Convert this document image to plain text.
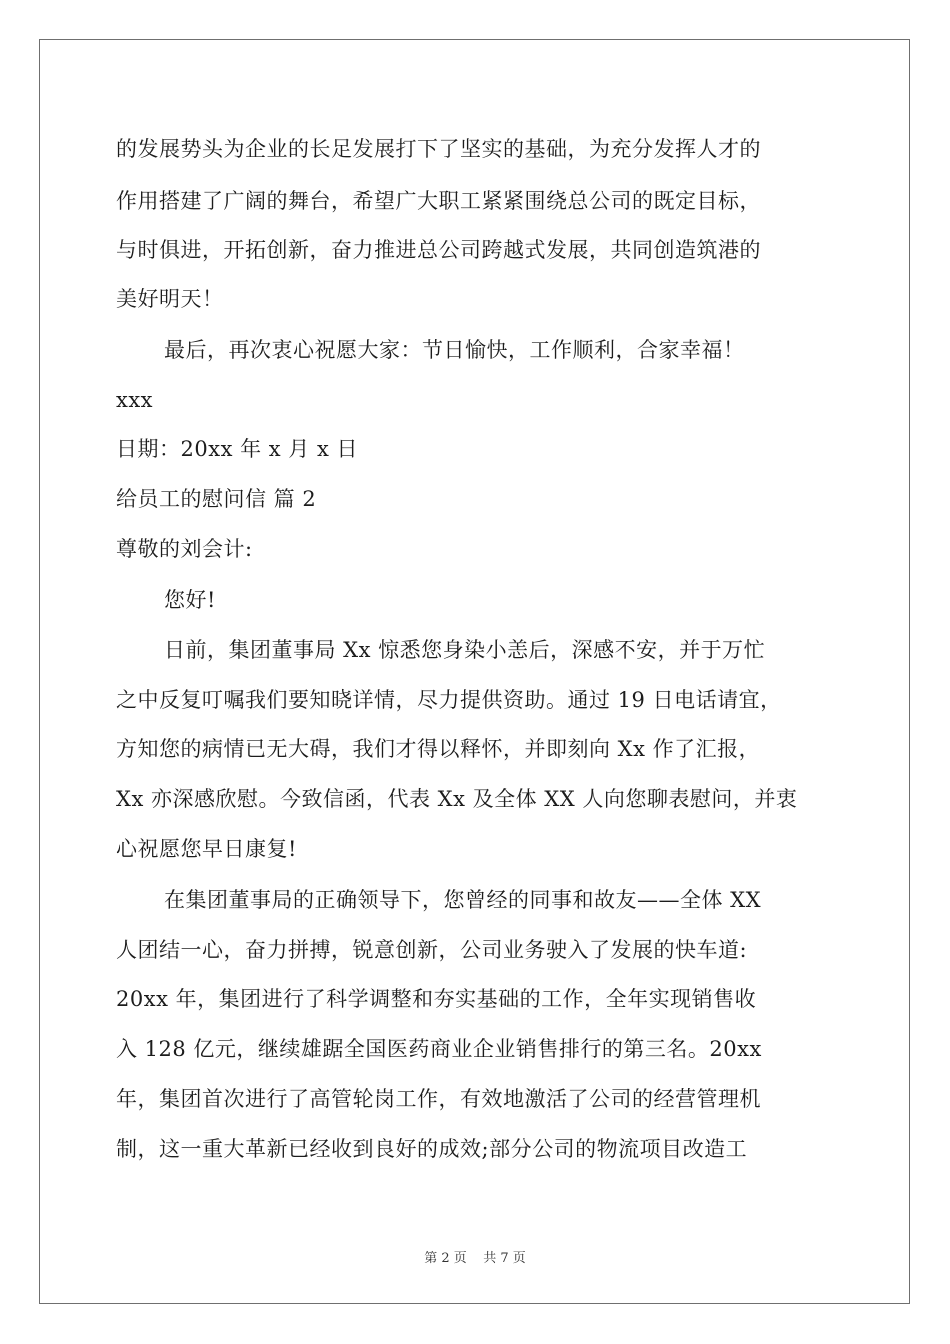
的发展势头为企业的长足发展打下了坚实的基础，为充分发挥人才的
作用搭建了广阔的舞台，希望广大职工紧紧围绕总公司的既定目标，
与时俱进，开拓创新，奋力推进总公司跨越式发展，共同创造筑港的
美好明天！
最后，再次衷心祝愿大家：节日愉快，工作顺利，合家幸福！
xxx
日期：20xx 年 x 月 x 日
给员工的慰问信 篇 2
尊敬的刘会计:
您好!
日前，集团董事局 Xx 惊悉您身染小恙后，深感不安，并于万忙
之中反复叮嘱我们要知晓详情，尽力提供资助。通过 19 日电话请宜，
方知您的病情已无大碍，我们才得以释怀，并即刻向 Xx 作了汇报，
Xx 亦深感欣慰。今致信函，代表 Xx 及全体 XX 人向您聊表慰问，并衷
心祝愿您早日康复!
在集团董事局的正确领导下，您曾经的同事和故友——全体 XX
人团结一心，奋力拼搏，锐意创新，公司业务驶入了发展的快车道:
20xx 年，集团进行了科学调整和夯实基础的工作，全年实现销售收
入 128 亿元，继续雄踞全国医药商业企业销售排行的第三名。20xx
年，集团首次进行了高管轮岗工作，有效地激活了公司的经营管理机
制，这一重大革新已经收到良好的成效;部分公司的物流项目改造工
第 2 页    共 7 页
